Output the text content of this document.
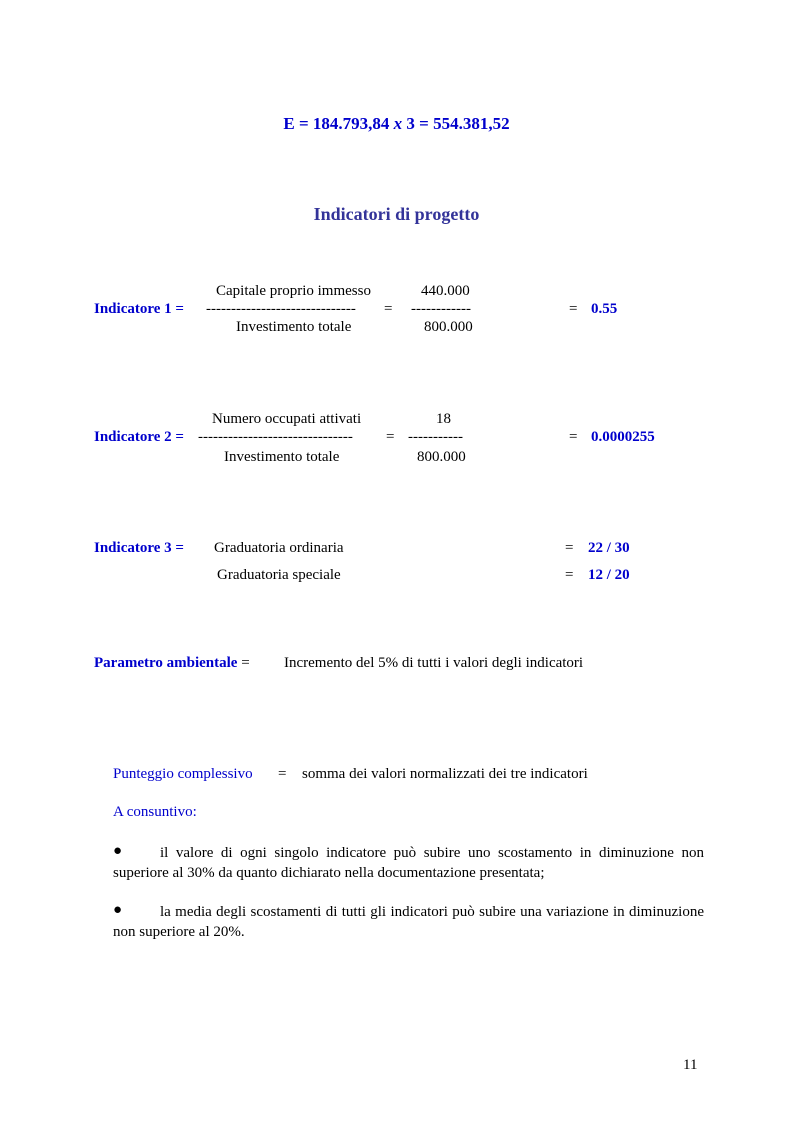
E = 184.793,84 x 3 = 554.381,52
Indicatori di progetto
Capitale proprio immesso	440.000
Indicatore 1 = ------------------------------ = ------------	= 0.55
Investimento totale	800.000
Numero occupati attivati	18
Indicatore 2 = ------------------------------- = -----------	= 0.0000255
Investimento totale	800.000
Indicatore 3 = Graduatoria ordinaria	= 22 / 30
Graduatoria speciale	= 12 / 20
Parametro ambientale = Incremento del 5% di tutti i valori degli indicatori
Punteggio complessivo = somma dei valori normalizzati dei tre indicatori
A consuntivo:
●	il valore di ogni singolo indicatore può subire uno scostamento in diminuzione non superiore al 30% da quanto dichiarato nella documentazione presentata;
●	la media degli scostamenti di tutti gli indicatori può subire una variazione in diminuzione non superiore al 20%.
11
